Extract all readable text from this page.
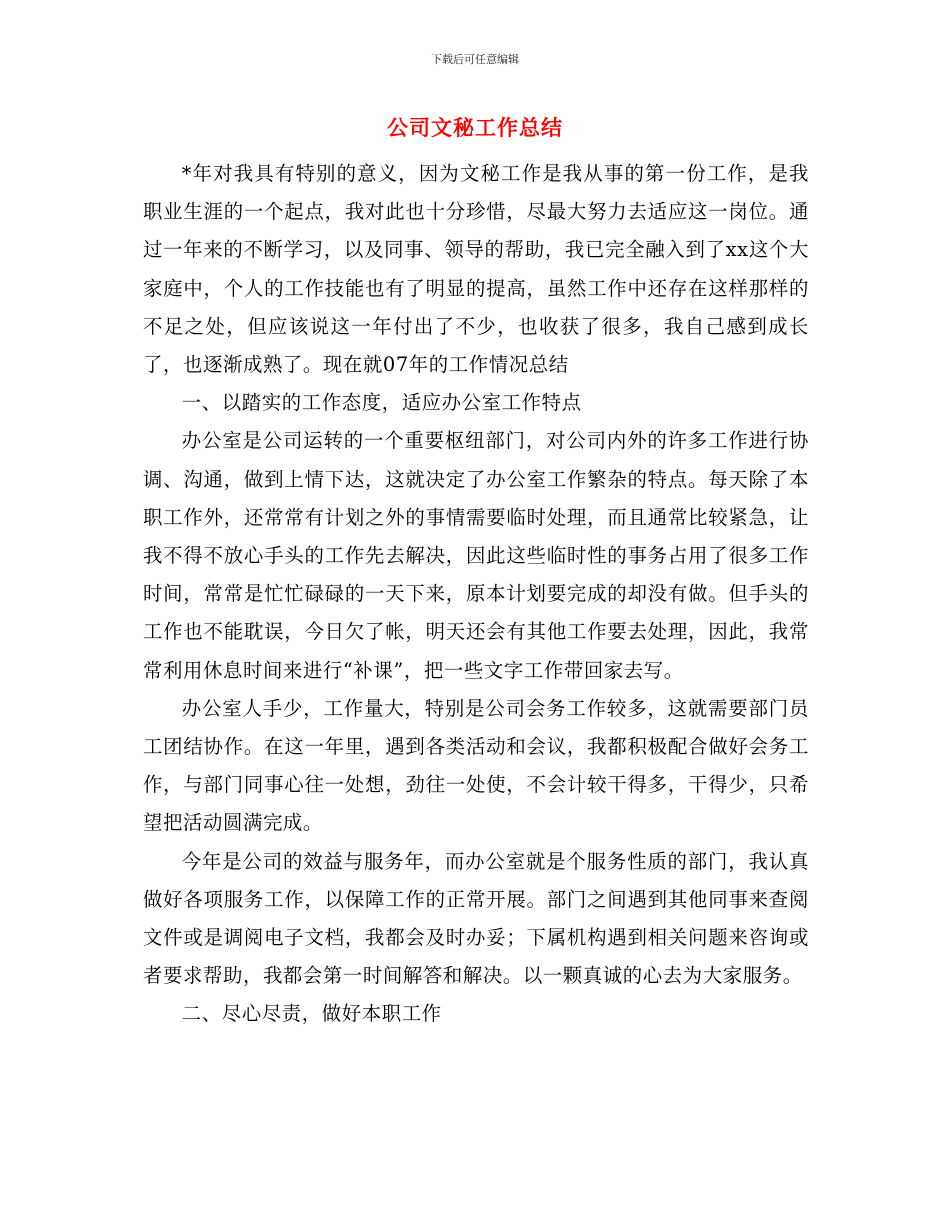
下载后可任意编辑
公司文秘工作总结

*年对我具有特别的意义，因为文秘工作是我从事的第一份工作，是我职业生涯的一个起点，我对此也十分珍惜，尽最大努力去适应这一岗位。通过一年来的不断学习，以及同事、领导的帮助，我已完全融入到了xx这个大家庭中，个人的工作技能也有了明显的提高，虽然工作中还存在这样那样的不足之处，但应该说这一年付出了不少，也收获了很多，我自己感到成长了，也逐渐成熟了。现在就07年的工作情况总结

一、以踏实的工作态度，适应办公室工作特点

办公室是公司运转的一个重要枢纽部门，对公司内外的许多工作进行协调、沟通，做到上情下达，这就决定了办公室工作繁杂的特点。每天除了本职工作外，还常常有计划之外的事情需要临时处理，而且通常比较紧急，让我不得不放心手头的工作先去解决，因此这些临时性的事务占用了很多工作时间，常常是忙忙碌碌的一天下来，原本计划要完成的却没有做。但手头的工作也不能耽误，今日欠了帐，明天还会有其他工作要去处理，因此，我常常利用休息时间来进行“补课”，把一些文字工作带回家去写。

办公室人手少，工作量大，特别是公司会务工作较多，这就需要部门员工团结协作。在这一年里，遇到各类活动和会议，我都积极配合做好会务工作，与部门同事心往一处想，劲往一处使，不会计较干得多，干得少，只希望把活动圆满完成。

今年是公司的效益与服务年，而办公室就是个服务性质的部门，我认真做好各项服务工作，以保障工作的正常开展。部门之间遇到其他同事来查阅文件或是调阅电子文档，我都会及时办妥；下属机构遇到相关问题来咨询或者要求帮助，我都会第一时间解答和解决。以一颗真诚的心去为大家服务。

二、尽心尽责，做好本职工作
